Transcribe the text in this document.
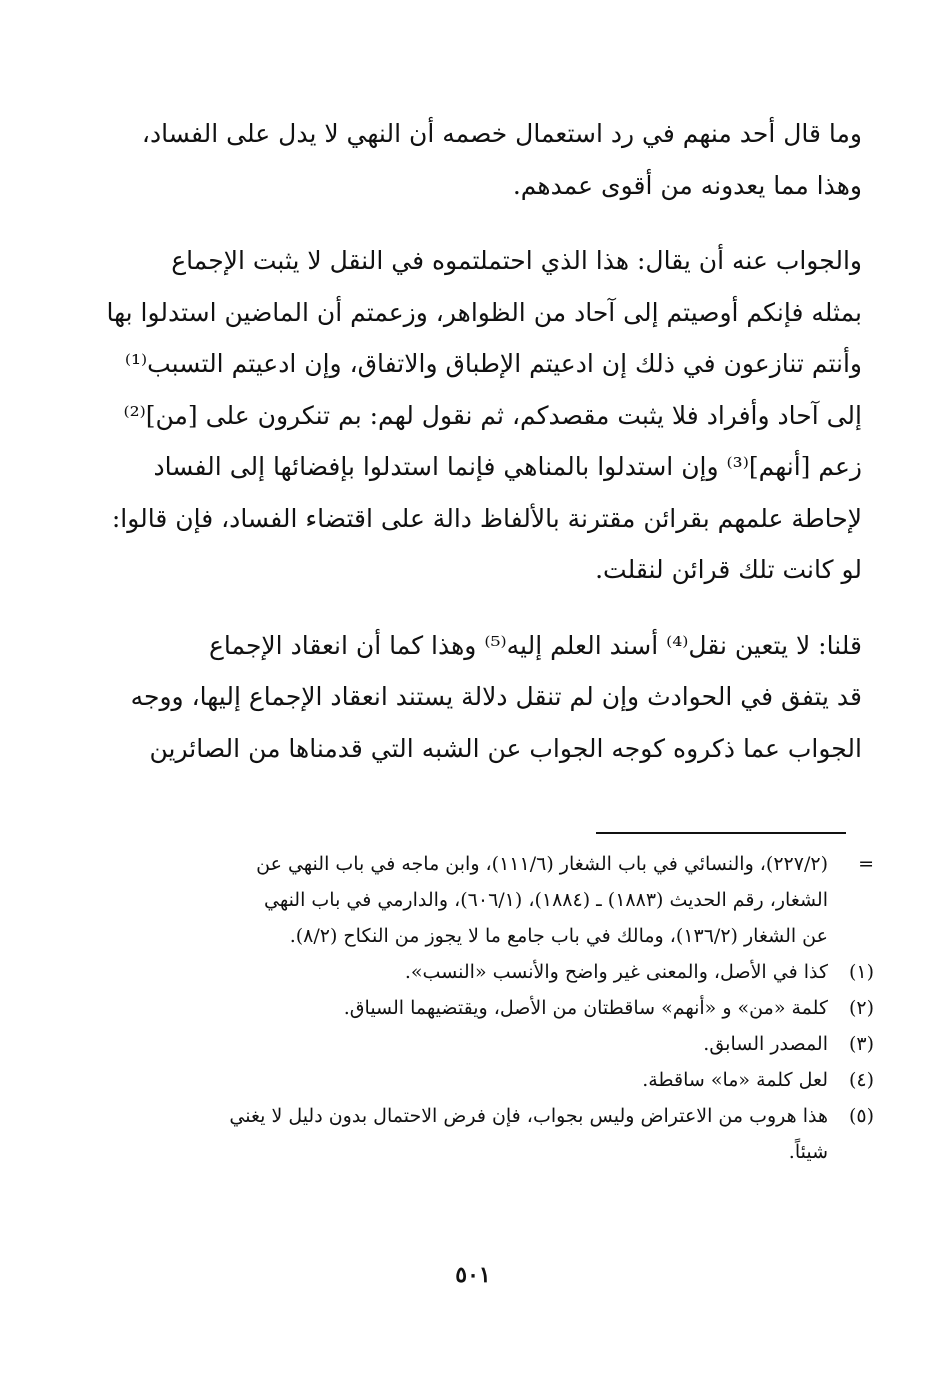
وما قال أحد منهم في رد استعمال خصمه أن النهي لا يدل على الفساد،
وهذا مما يعدونه من أقوى عمدهم.

والجواب عنه أن يقال: هذا الذي احتملتموه في النقل لا يثبت الإجماع
بمثله فإنكم أوصيتم إلى آحاد من الظواهر، وزعمتم أن الماضين استدلوا بها
وأنتم تنازعون في ذلك إن ادعيتم الإطباق والاتفاق، وإن ادعيتم التسبب⁽¹⁾
إلى آحاد وأفراد فلا يثبت مقصدكم، ثم نقول لهم: بم تنكرون على [من]⁽²⁾
زعم [أنهم]⁽³⁾ وإن استدلوا بالمناهي فإنما استدلوا بإفضائها إلى الفساد
لإحاطة علمهم بقرائن مقترنة بالألفاظ دالة على اقتضاء الفساد، فإن قالوا:
لو كانت تلك قرائن لنقلت.

قلنا: لا يتعين نقل⁽⁴⁾ أسند العلم إليه⁽⁵⁾ وهذا كما أن انعقاد الإجماع
قد يتفق في الحوادث وإن لم تنقل دلالة يستند انعقاد الإجماع إليها، ووجه
الجواب عما ذكروه كوجه الجواب عن الشبه التي قدمناها من الصائرين

=
(٢٢٧/٢)، والنسائي في باب الشغار (١١١/٦)، وابن ماجه في باب النهي عن
الشغار، رقم الحديث (١٨٨٣) ـ (١٨٨٤)، (٦٠٦/١)، والدارمي في باب النهي
عن الشغار (١٣٦/٢)، ومالك في باب جامع ما لا يجوز من النكاح (٨/٢).
(١)
كذا في الأصل، والمعنى غير واضح والأنسب «النسب».
(٢)
كلمة «من» و «أنهم» ساقطتان من الأصل، ويقتضيهما السياق.
(٣)
المصدر السابق.
(٤)
لعل كلمة «ما» ساقطة.
(٥)
هذا هروب من الاعتراض وليس بجواب، فإن فرض الاحتمال بدون دليل لا يغني
شيئاً.
٥٠١
